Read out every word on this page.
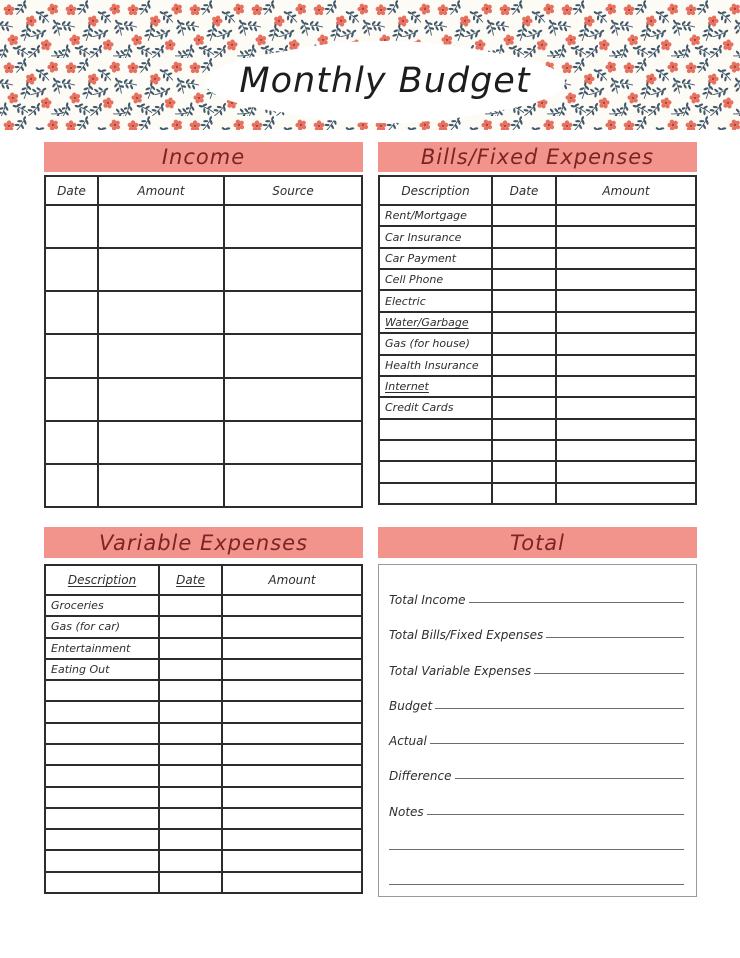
Monthly Budget
Income
Date	Amount	Source
Bills/Fixed Expenses
Description	Date	Amount
Rent/Mortgage
Car Insurance
Car Payment
Cell Phone
Electric
Water/Garbage
Gas (for house)
Health Insurance
Internet
Credit Cards
Variable Expenses
Description	Date	Amount
Groceries
Gas (for car)
Entertainment
Eating Out
Total
Total Income
Total Bills/Fixed Expenses
Total Variable Expenses
Budget
Actual
Difference
Notes
